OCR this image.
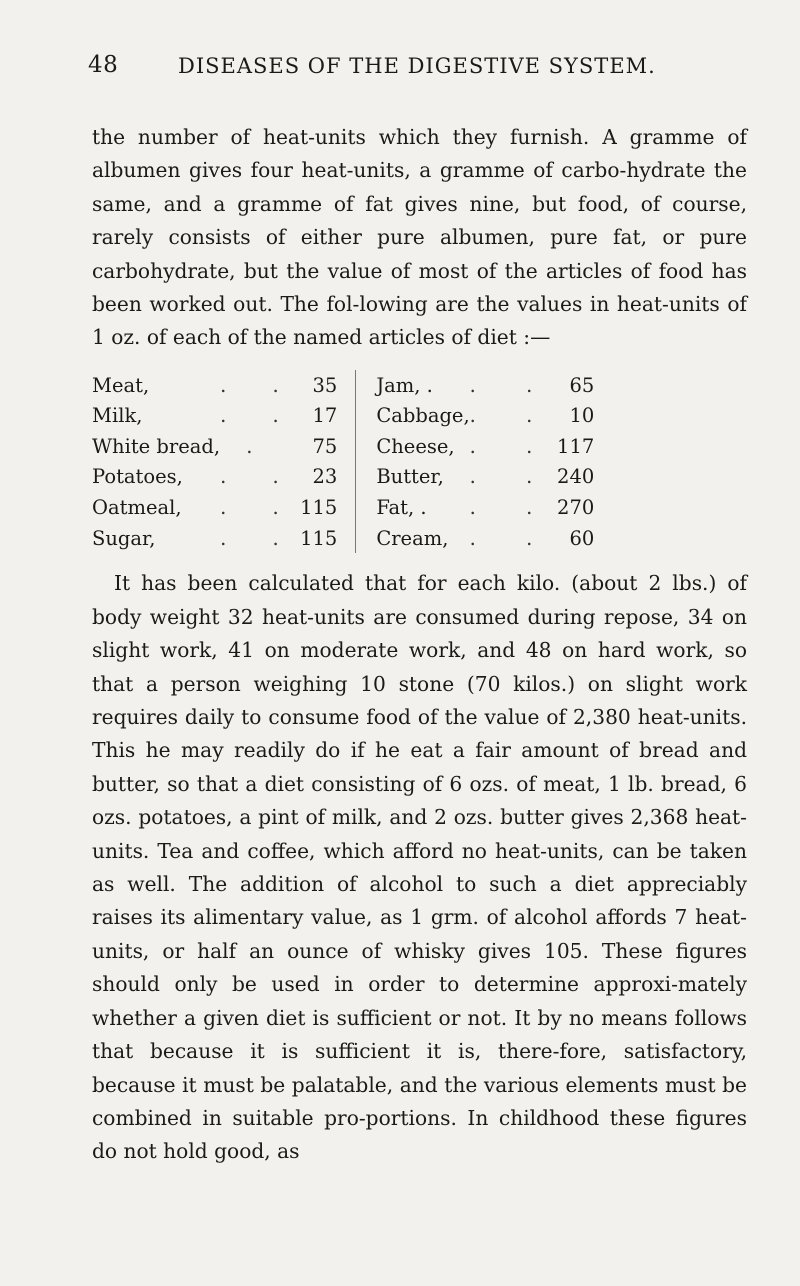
48	DISEASES OF THE DIGESTIVE SYSTEM.

the number of heat-units which they furnish. A gramme of albumen gives four heat-units, a gramme of carbo-hydrate the same, and a gramme of fat gives nine, but food, of course, rarely consists of either pure albumen, pure fat, or pure carbohydrate, but the value of most of the articles of food has been worked out. The fol-lowing are the values in heat-units of 1 oz. of each of the named articles of diet :—

Meat,	. .	35		Jam, .	. .	65
Milk,	. .	17		Cabbage,	. .	10
White bread,	.	75		Cheese,	. .	117
Potatoes,	. .	23		Butter,	. .	240
Oatmeal,	. .	115		Fat, .	. .	270
Sugar,	. .	115		Cream,	. .	60

It has been calculated that for each kilo. (about 2 lbs.) of body weight 32 heat-units are consumed during repose, 34 on slight work, 41 on moderate work, and 48 on hard work, so that a person weighing 10 stone (70 kilos.) on slight work requires daily to consume food of the value of 2,380 heat-units. This he may readily do if he eat a fair amount of bread and butter, so that a diet consisting of 6 ozs. of meat, 1 lb. bread, 6 ozs. potatoes, a pint of milk, and 2 ozs. butter gives 2,368 heat-units. Tea and coffee, which afford no heat-units, can be taken as well. The addition of alcohol to such a diet appreciably raises its alimentary value, as 1 grm. of alcohol affords 7 heat-units, or half an ounce of whisky gives 105. These figures should only be used in order to determine approxi-mately whether a given diet is sufficient or not. It by no means follows that because it is sufficient it is, there-fore, satisfactory, because it must be palatable, and the various elements must be combined in suitable pro-portions. In childhood these figures do not hold good, as
